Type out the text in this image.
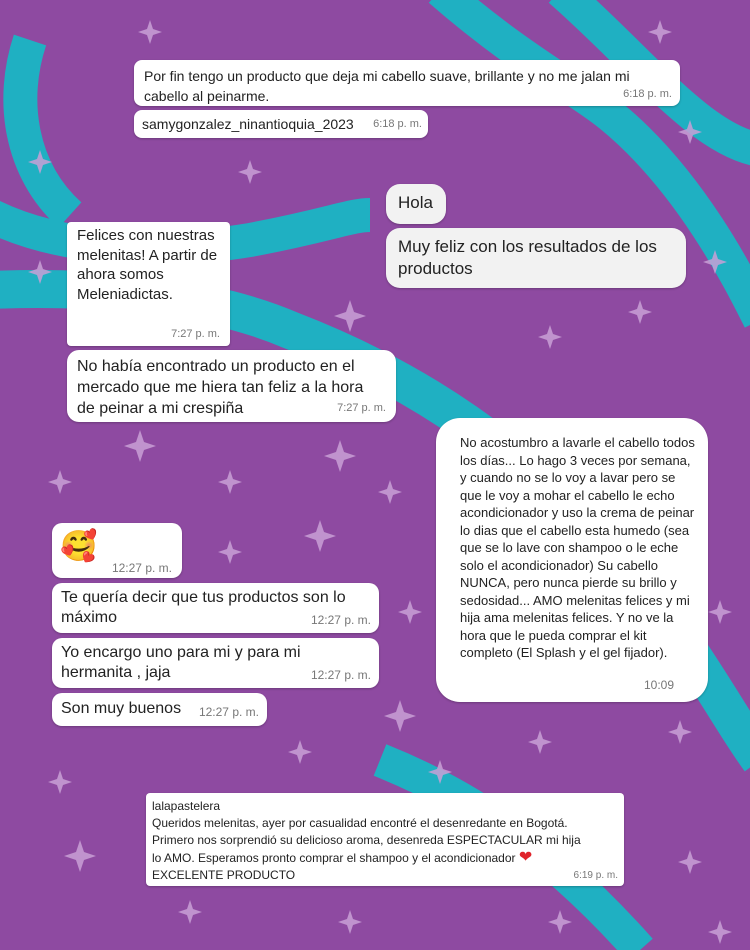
Por fin tengo un producto que deja mi cabello suave, brillante y no me jalan mi cabello al peinarme.	6:18 p. m.
samygonzalez_ninantioquia_2023 6:18 p. m.
Hola
Muy feliz con los resultados de los productos
Felices con nuestras melenitas! A partir de ahora somos Meleniadictas.
7:27 p. m.
No había encontrado un producto en el mercado que me hiera tan feliz a la hora de peinar a mi crespiña	7:27 p. m.
No acostumbro a lavarle el cabello todos los días... Lo hago 3 veces por semana, y cuando no se lo voy a lavar pero se que le voy a mohar el cabello le echo acondicionador y uso la crema de peinar lo dias que el cabello esta humedo (sea que se lo lave con shampoo o le eche solo el acondicionador) Su cabello NUNCA, pero nunca pierde su brillo y sedosidad... AMO melenitas felices y mi hija ama melenitas felices. Y no ve la hora que le pueda comprar el kit completo (El Splash y el gel fijador).
10:09
🥰
12:27 p. m.
Te quería decir que tus productos son lo máximo	12:27 p. m.
Yo encargo uno para mi y para mi hermanita , jaja	12:27 p. m.
Son muy buenos 12:27 p. m.
lalapastelera
Queridos melenitas, ayer por casualidad encontré el desenredante en Bogotá. Primero nos sorprendió su delicioso aroma, desenreda ESPECTACULAR mi hija lo AMO. Esperamos pronto comprar el shampoo y el acondicionador ❤
EXCELENTE PRODUCTO	6:19 p. m.
